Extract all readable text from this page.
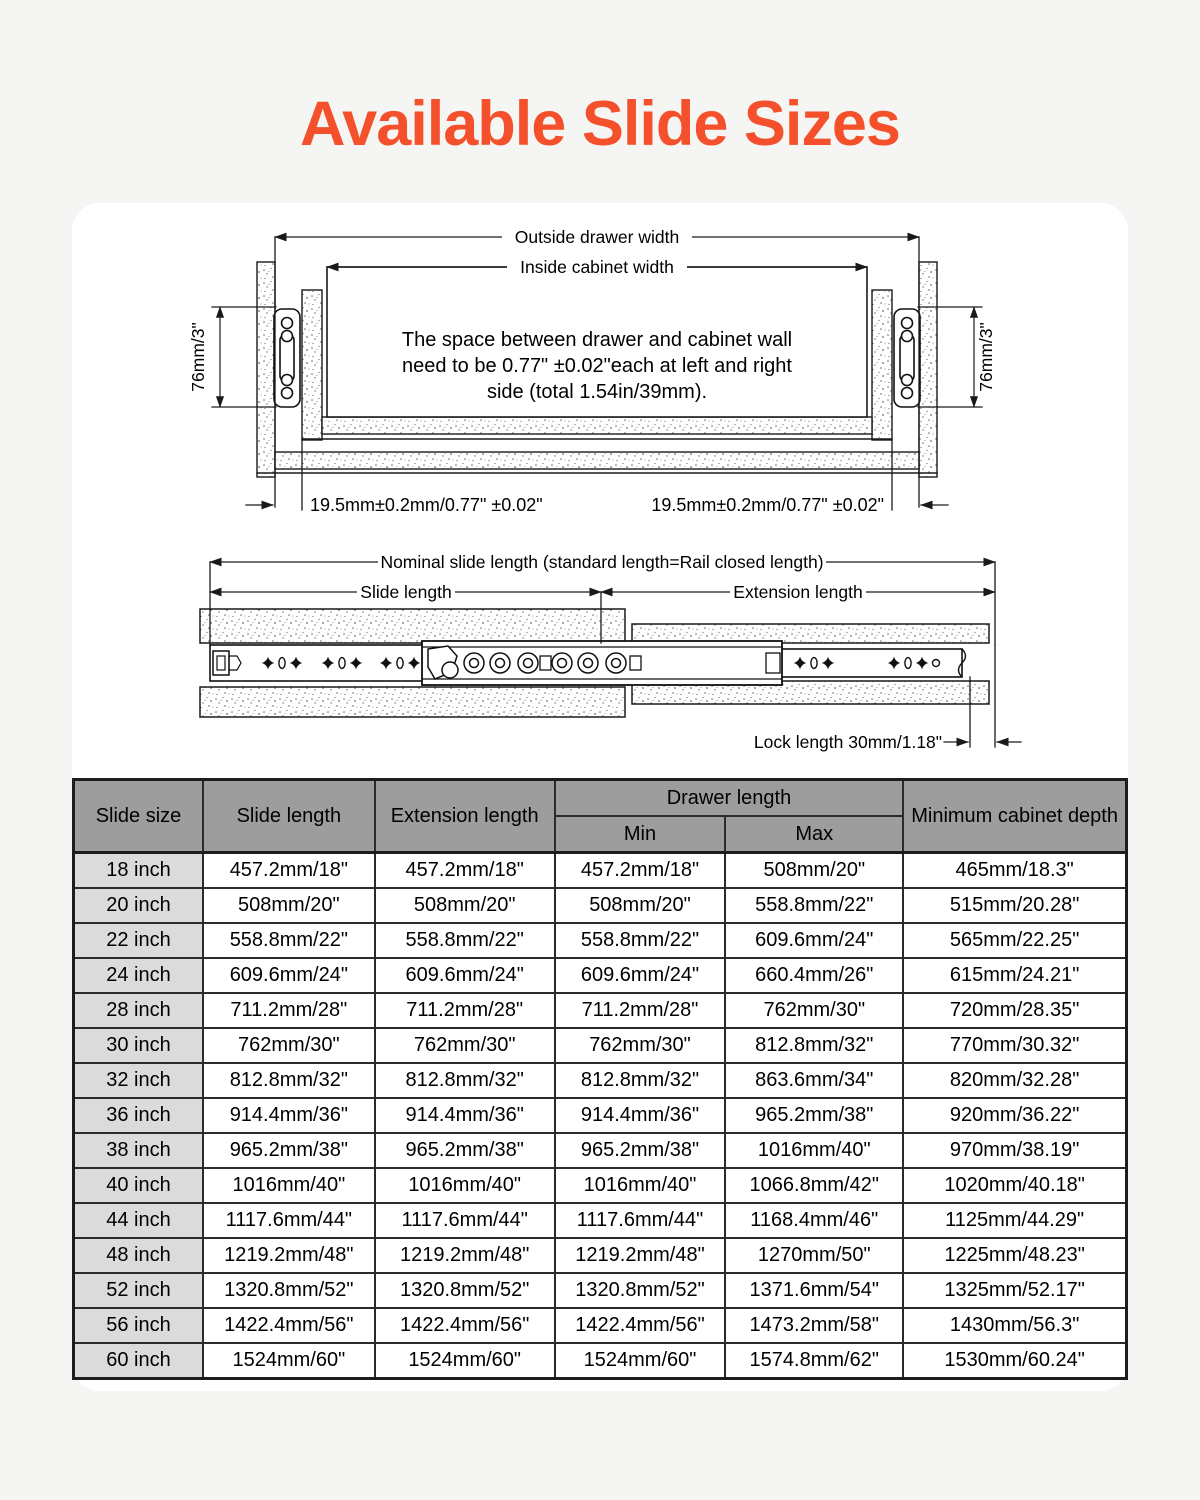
Available Slide Sizes
The space between drawer and cabinet wall
need to be 0.77" ±0.02"each at left and right
side (total 1.54in/39mm).
Outside drawer width
Inside cabinet width
76mm/3"	76mm/3"
19.5mm±0.2mm/0.77" ±0.02"	19.5mm±0.2mm/0.77" ±0.02"
Nominal slide length (standard length=Rail closed length)
Slide length	Extension length
Lock length 30mm/1.18"
Slide size	Slide length	Extension length	Drawer length		Minimum cabinet depth
			Min	Max	
18 inch	457.2mm/18"	457.2mm/18"	457.2mm/18"	508mm/20"	465mm/18.3"
20 inch	508mm/20"	508mm/20"	508mm/20"	558.8mm/22"	515mm/20.28"
22 inch	558.8mm/22"	558.8mm/22"	558.8mm/22"	609.6mm/24"	565mm/22.25"
24 inch	609.6mm/24"	609.6mm/24"	609.6mm/24"	660.4mm/26"	615mm/24.21"
28 inch	711.2mm/28"	711.2mm/28"	711.2mm/28"	762mm/30"	720mm/28.35"
30 inch	762mm/30"	762mm/30"	762mm/30"	812.8mm/32"	770mm/30.32"
32 inch	812.8mm/32"	812.8mm/32"	812.8mm/32"	863.6mm/34"	820mm/32.28"
36 inch	914.4mm/36"	914.4mm/36"	914.4mm/36"	965.2mm/38"	920mm/36.22"
38 inch	965.2mm/38"	965.2mm/38"	965.2mm/38"	1016mm/40"	970mm/38.19"
40 inch	1016mm/40"	1016mm/40"	1016mm/40"	1066.8mm/42"	1020mm/40.18"
44 inch	1117.6mm/44"	1117.6mm/44"	1117.6mm/44"	1168.4mm/46"	1125mm/44.29"
48 inch	1219.2mm/48"	1219.2mm/48"	1219.2mm/48"	1270mm/50"	1225mm/48.23"
52 inch	1320.8mm/52"	1320.8mm/52"	1320.8mm/52"	1371.6mm/54"	1325mm/52.17"
56 inch	1422.4mm/56"	1422.4mm/56"	1422.4mm/56"	1473.2mm/58"	1430mm/56.3"
60 inch	1524mm/60"	1524mm/60"	1524mm/60"	1574.8mm/62"	1530mm/60.24"
